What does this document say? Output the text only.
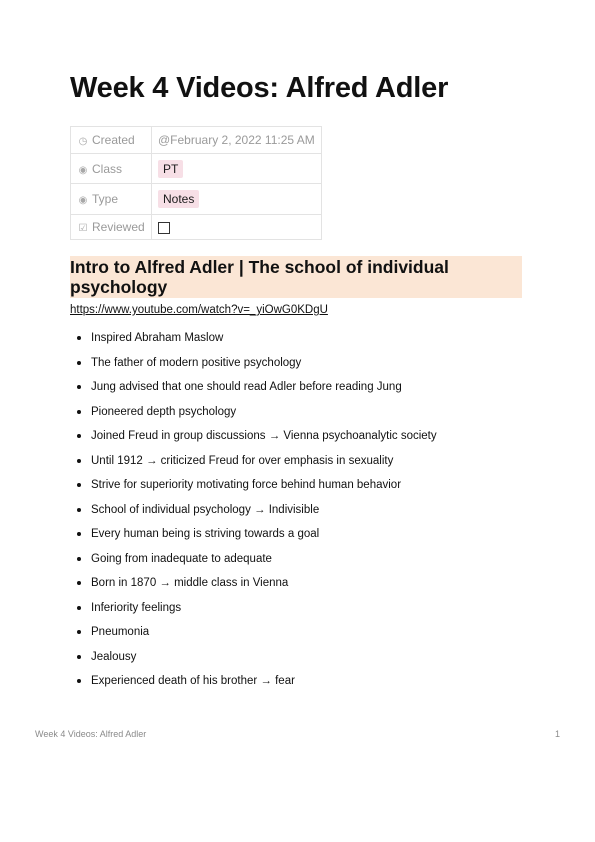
Week 4 Videos: Alfred Adler
◷ Created	@February 2, 2022 11:25 AM
◉ Class	PT
◉ Type	Notes
☑ Reviewed	
Intro to Alfred Adler | The school of individual psychology
https://www.youtube.com/watch?v=_yiOwG0KDgU
Inspired Abraham Maslow
The father of modern positive psychology
Jung advised that one should read Adler before reading Jung
Pioneered depth psychology
Joined Freud in group discussions → Vienna psychoanalytic society
Until 1912 → criticized Freud for over emphasis in sexuality
Strive for superiority motivating force behind human behavior
School of individual psychology → Indivisible
Every human being is striving towards a goal
Going from inadequate to adequate
Born in 1870 → middle class in Vienna
Inferiority feelings
Pneumonia
Jealousy
Experienced death of his brother → fear
Week 4 Videos: Alfred Adler	1
